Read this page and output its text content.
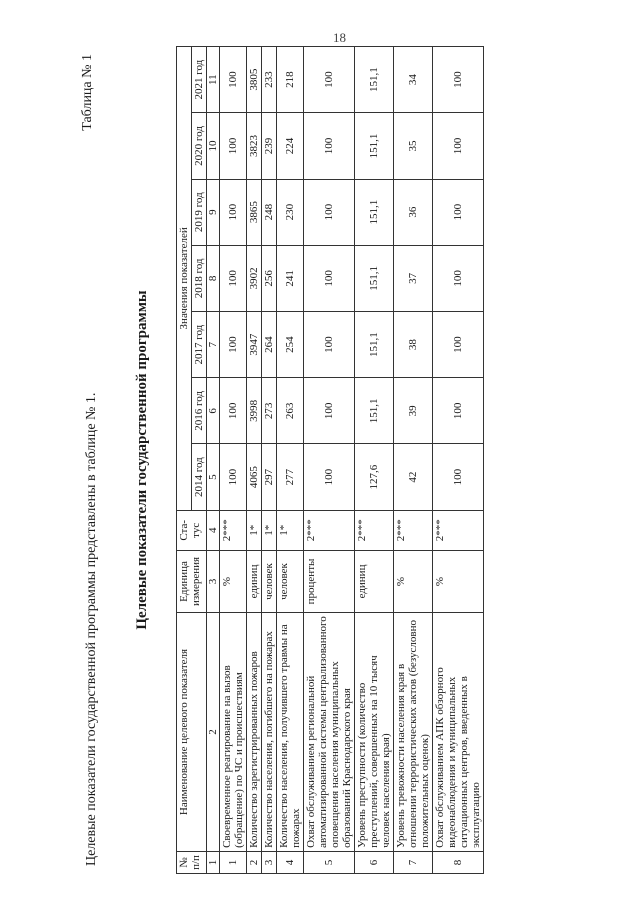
18
Целевые показатели государственной программы представлены в таблице № 1.
Таблица № 1
Целевые показатели государственной программы
№ п/п	Наименование целевого показателя	Единица измерения	Ста-тус	Значения показателей						
				2014 год	2016 год	2017 год	2018 год	2019 год	2020 год	2021 год
1	2	3	4	5	6	7	8	9	10	11
1	Своевременное реагирование на вызов (обращение) по ЧС и происшествиям	%	2***	100	100	100	100	100	100	100
2	Количество зарегистрированных пожаров	единиц	1*	4065	3998	3947	3902	3865	3823	3805
3	Количество населения, погибшего на пожарах	человек	1*	297	273	264	256	248	239	233
4	Количество населения, получившего травмы на пожарах	человек	1*	277	263	254	241	230	224	218
5	Охват обслуживанием региональной автоматизированной системы централизованного оповещения населения муниципальных образований Краснодарского края	проценты	2***	100	100	100	100	100	100	100
6	Уровень преступности (количество преступлений, совершенных на 10 тысяч человек населения края)	единиц	2***	127,6	151,1	151,1	151,1	151,1	151,1	151,1
7	Уровень тревожности населения края в отношении террористических актов (безусловно положительных оценок)	%	2***	42	39	38	37	36	35	34
8	Охват обслуживанием АПК обзорного видеонаблюдения и муниципальных ситуационных центров, введенных в эксплуатацию	%	2***	100	100	100	100	100	100	100
